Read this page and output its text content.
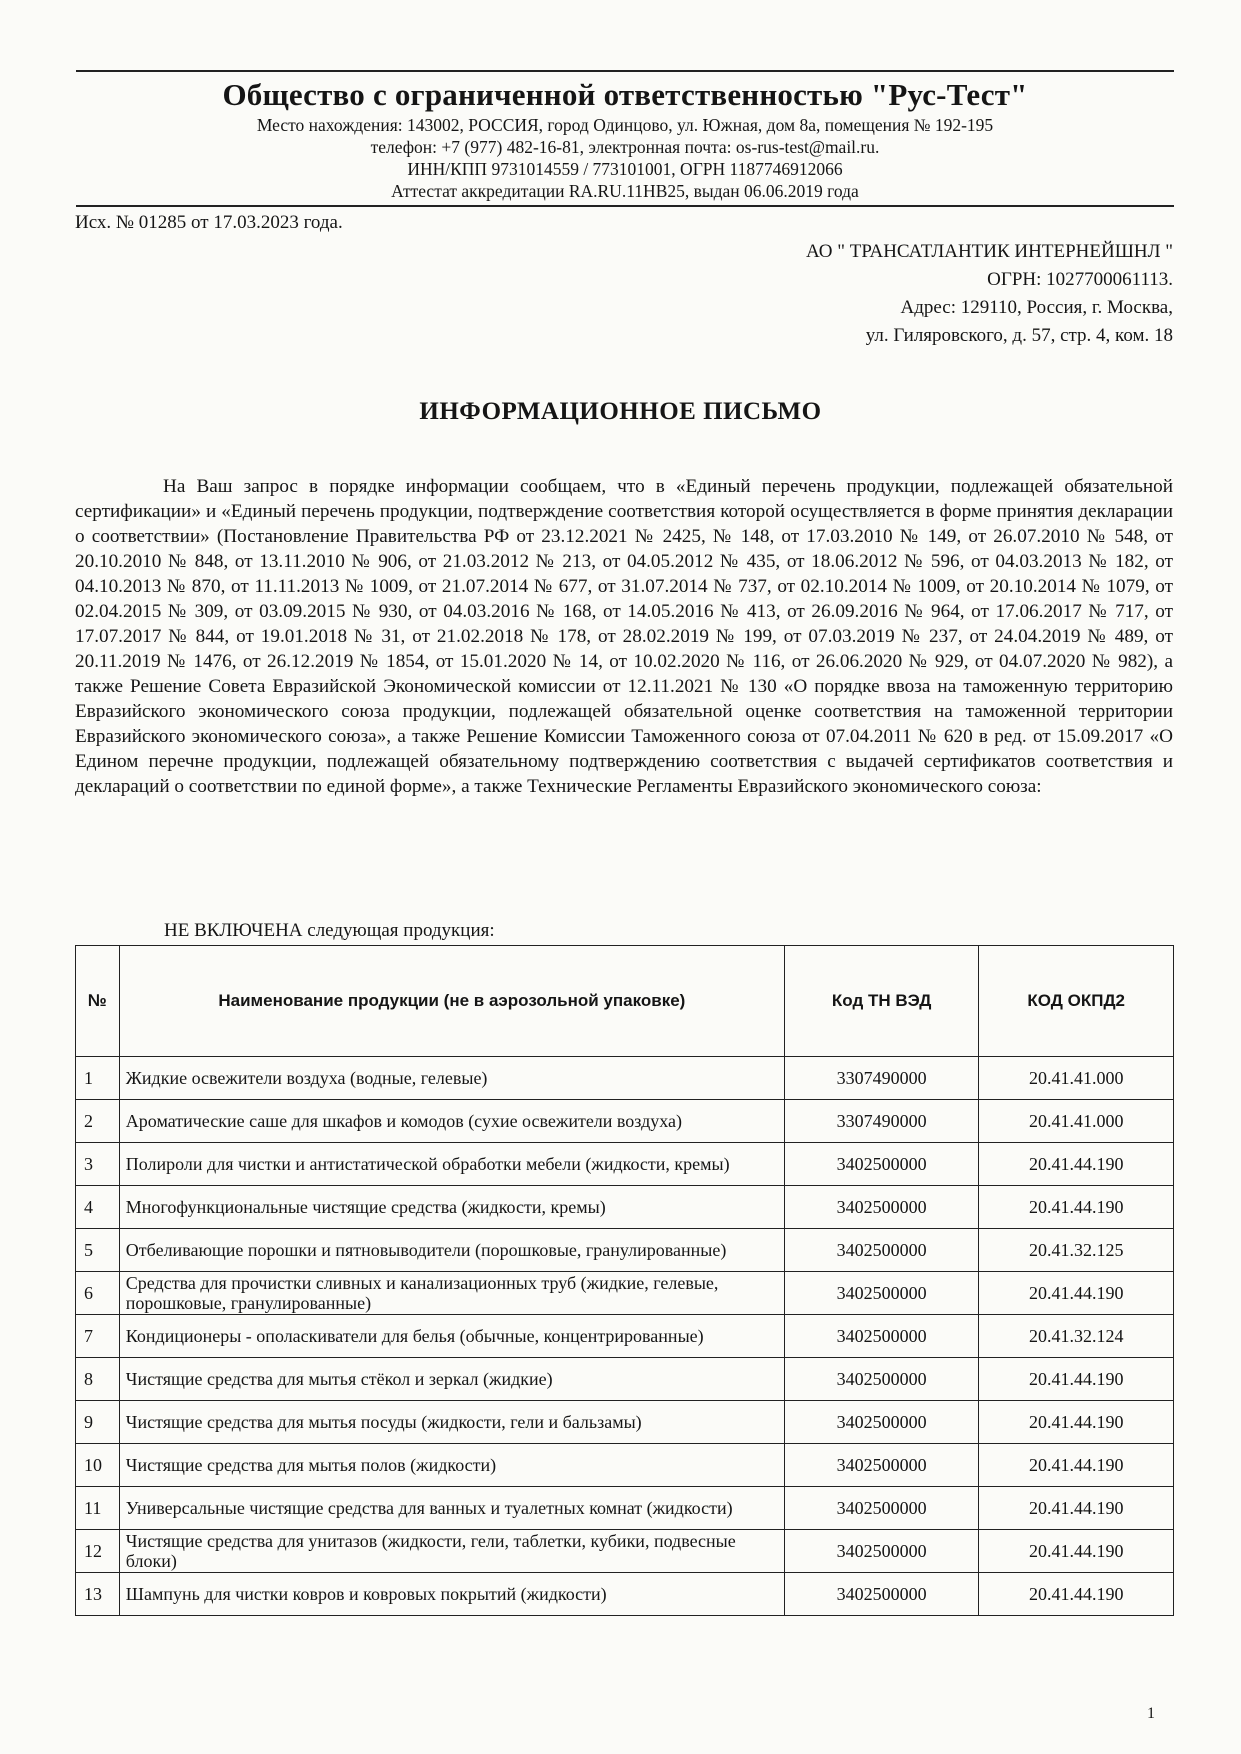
Общество с ограниченной ответственностью "Рус-Тест"
Место нахождения: 143002, РОССИЯ, город Одинцово, ул. Южная, дом 8а, помещения № 192-195
телефон: +7 (977) 482-16-81, электронная почта: os-rus-test@mail.ru.
ИНН/КПП 9731014559 / 773101001, ОГРН 1187746912066
Аттестат аккредитации RA.RU.11НВ25, выдан 06.06.2019 года
Исх. № 01285 от 17.03.2023 года.
АО " ТРАНСАТЛАНТИК ИНТЕРНЕЙШНЛ "
ОГРН: 1027700061113.
Адрес: 129110, Россия, г. Москва,
ул. Гиляровского, д. 57, стр. 4, ком. 18
ИНФОРМАЦИОННОЕ ПИСЬМО
На Ваш запрос в порядке информации сообщаем, что в «Единый перечень продукции, подлежащей обязательной сертификации» и «Единый перечень продукции, подтверждение соответствия которой осуществляется в форме принятия декларации о соответствии» (Постановление Правительства РФ от 23.12.2021 № 2425, № 148, от 17.03.2010 № 149, от 26.07.2010 № 548, от 20.10.2010 № 848, от 13.11.2010 № 906, от 21.03.2012 № 213, от 04.05.2012 № 435, от 18.06.2012 № 596, от 04.03.2013 № 182, от 04.10.2013 № 870, от 11.11.2013 № 1009, от 21.07.2014 № 677, от 31.07.2014 № 737, от 02.10.2014 № 1009, от 20.10.2014 № 1079, от 02.04.2015 № 309, от 03.09.2015 № 930, от 04.03.2016 № 168, от 14.05.2016 № 413, от 26.09.2016 № 964, от 17.06.2017 № 717, от 17.07.2017 № 844, от 19.01.2018 № 31, от 21.02.2018 № 178, от 28.02.2019 № 199, от 07.03.2019 № 237, от 24.04.2019 № 489, от 20.11.2019 № 1476, от 26.12.2019 № 1854, от 15.01.2020 № 14, от 10.02.2020 № 116, от 26.06.2020 № 929, от 04.07.2020 № 982), а также Решение Совета Евразийской Экономической комиссии от 12.11.2021 № 130 «О порядке ввоза на таможенную территорию Евразийского экономического союза продукции, подлежащей обязательной оценке соответствия на таможенной территории Евразийского экономического союза», а также Решение Комиссии Таможенного союза от 07.04.2011 № 620 в ред. от 15.09.2017 «О Едином перечне продукции, подлежащей обязательному подтверждению соответствия с выдачей сертификатов соответствия и деклараций о соответствии по единой форме», а также Технические Регламенты Евразийского экономического союза:
НЕ ВКЛЮЧЕНА следующая продукция:
№	Наименование продукции (не в аэрозольной упаковке)	Код ТН ВЭД	КОД ОКПД2
1	Жидкие освежители воздуха (водные, гелевые)	3307490000	20.41.41.000
2	Ароматические саше для шкафов и комодов (сухие освежители воздуха)	3307490000	20.41.41.000
3	Полироли для чистки и антистатической обработки мебели (жидкости, кремы)	3402500000	20.41.44.190
4	Многофункциональные чистящие средства (жидкости, кремы)	3402500000	20.41.44.190
5	Отбеливающие порошки и пятновыводители (порошковые, гранулированные)	3402500000	20.41.32.125
6	Средства для прочистки сливных и канализационных труб (жидкие, гелевые, порошковые, гранулированные)	3402500000	20.41.44.190
7	Кондиционеры - ополаскиватели для белья (обычные, концентрированные)	3402500000	20.41.32.124
8	Чистящие средства для мытья стёкол и зеркал (жидкие)	3402500000	20.41.44.190
9	Чистящие средства для мытья посуды (жидкости, гели и бальзамы)	3402500000	20.41.44.190
10	Чистящие средства для мытья полов (жидкости)	3402500000	20.41.44.190
11	Универсальные чистящие средства для ванных и туалетных комнат (жидкости)	3402500000	20.41.44.190
12	Чистящие средства для унитазов (жидкости, гели, таблетки, кубики, подвесные блоки)	3402500000	20.41.44.190
13	Шампунь для чистки ковров и ковровых покрытий (жидкости)	3402500000	20.41.44.190
1
